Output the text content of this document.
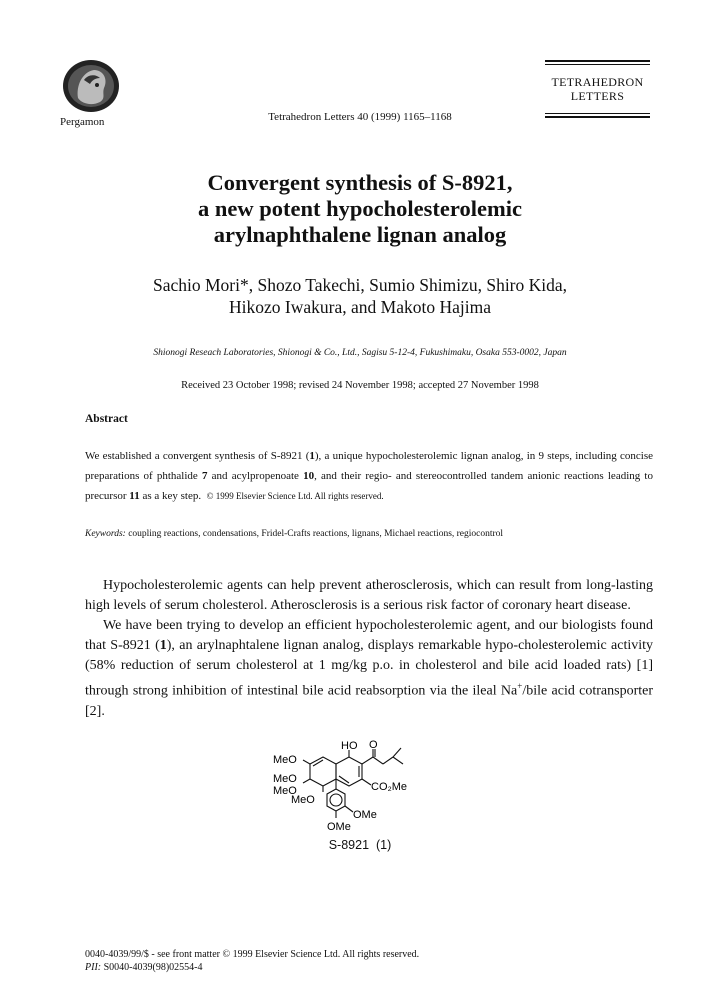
Pergamon	Tetrahedron Letters 40 (1999) 1165–1168
TETRAHEDRON
LETTERS
Convergent synthesis of S-8921,
a new potent hypocholesterolemic
arylnaphthalene lignan analog
Sachio Mori*, Shozo Takechi, Sumio Shimizu, Shiro Kida,
Hikozo Iwakura, and Makoto Hajima
Shionogi Reseach Laboratories, Shionogi & Co., Ltd., Sagisu 5-12-4, Fukushimaku, Osaka 553-0002, Japan
Received 23 October 1998; revised 24 November 1998; accepted 27 November 1998
Abstract
We established a convergent synthesis of S-8921 (1), a unique hypocholesterolemic lignan analog, in 9 steps, including concise preparations of phthalide 7 and acylpropenoate 10, and their regio- and stereocontrolled tandem anionic reactions leading to precursor 11 as a key step. © 1999 Elsevier Science Ltd. All rights reserved.
Keywords: coupling reactions, condensations, Fridel-Crafts reactions, lignans, Michael reactions, regiocontrol

Hypocholesterolemic agents can help prevent atherosclerosis, which can result from long-lasting high levels of serum cholesterol. Atherosclerosis is a serious risk factor of coronary heart disease.

We have been trying to develop an efficient hypocholesterolemic agent, and our biologists found that S-8921 (1), an arylnaphtalene lignan analog, displays remarkable hypo-cholesterolemic activity (58% reduction of serum cholesterol at 1 mg/kg p.o. in cholesterol and bile acid loaded rats) [1] through strong inhibition of intestinal bile acid reabsorption via the ileal Na+/bile acid cotransporter [2].

HO O
MeO
MeO
MeO
MeO
CO₂Me
OMe
OMe
S-8921 (1)
0040-4039/99/$ - see front matter © 1999 Elsevier Science Ltd. All rights reserved.
PII: S0040-4039(98)02554-4
